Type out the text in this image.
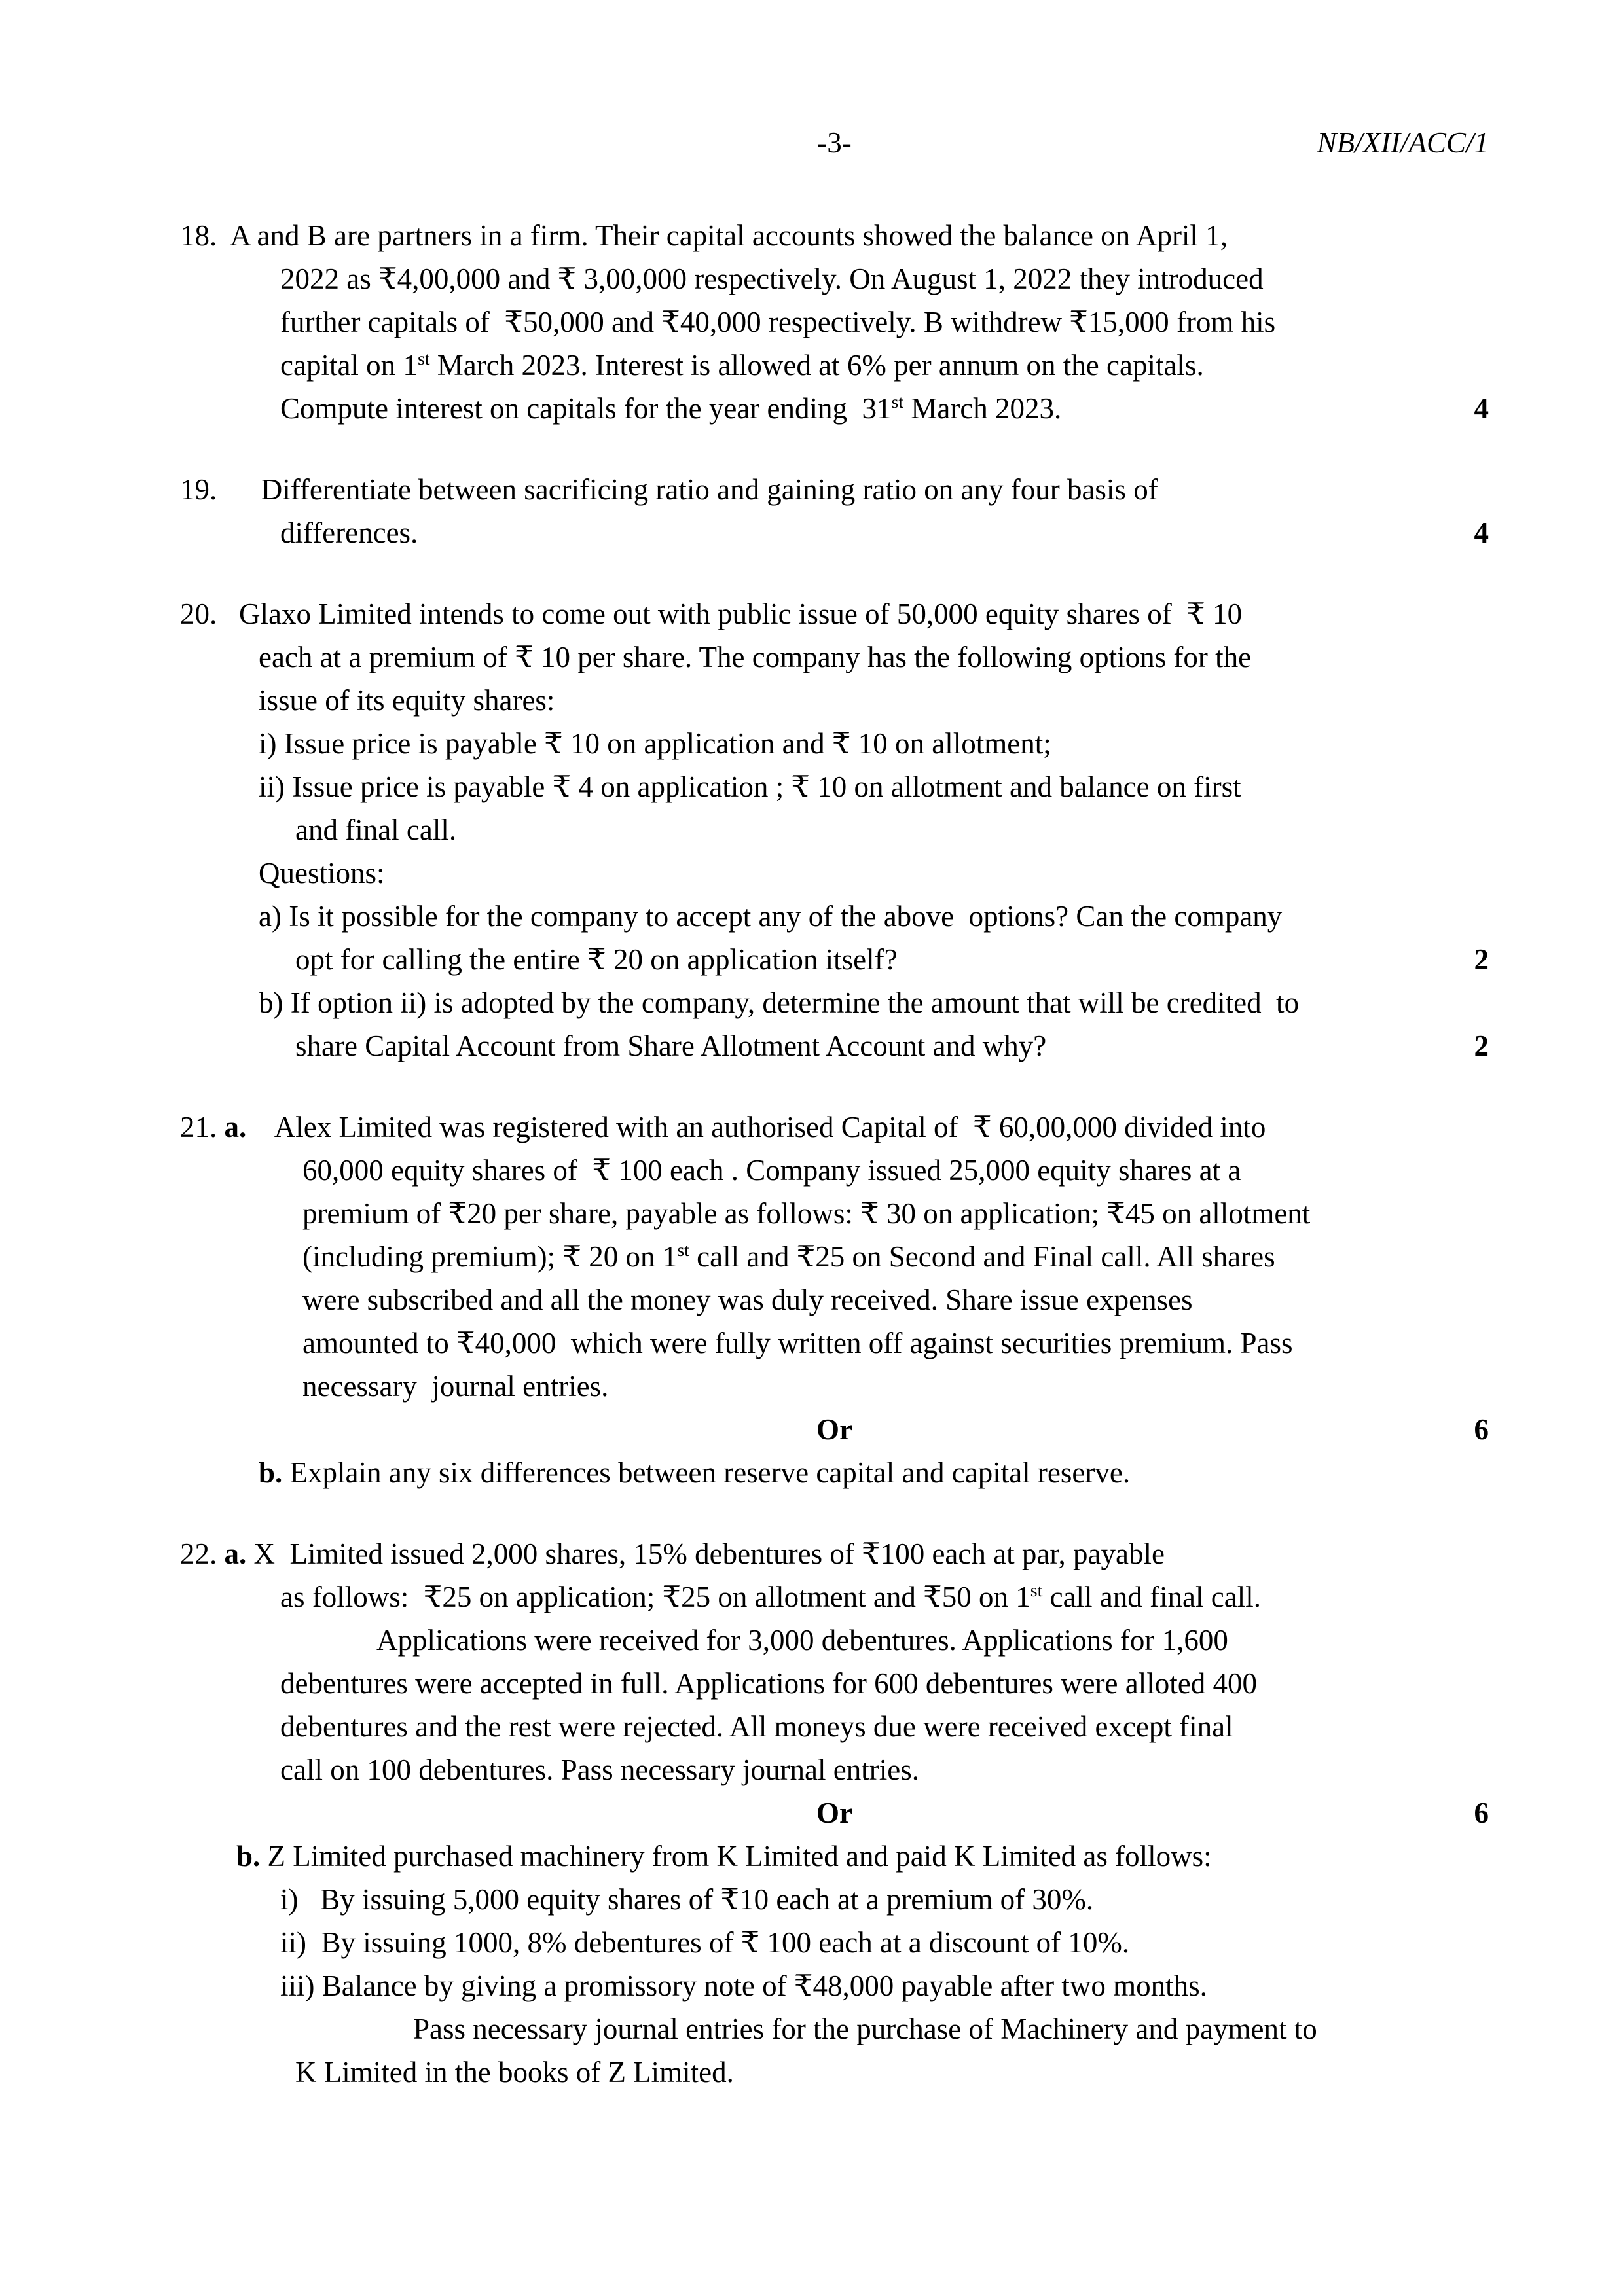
-3-	NB/XII/ACC/1
18.  A and B are partners in a firm. Their capital accounts showed the balance on April 1,
2022 as ₹4,00,000 and ₹ 3,00,000 respectively. On August 1, 2022 they introduced
further capitals of  ₹50,000 and ₹40,000 respectively. B withdrew ₹15,000 from his
capital on 1st March 2023. Interest is allowed at 6% per annum on the capitals.
Compute interest on capitals for the year ending  31st March 2023.	4
19.      Differentiate between sacrificing ratio and gaining ratio on any four basis of
differences.	4
20.   Glaxo Limited intends to come out with public issue of 50,000 equity shares of  ₹ 10
each at a premium of ₹ 10 per share. The company has the following options for the
issue of its equity shares:
i) Issue price is payable ₹ 10 on application and ₹ 10 on allotment;
ii) Issue price is payable ₹ 4 on application ; ₹ 10 on allotment and balance on first
and final call.
Questions:
a) Is it possible for the company to accept any of the above  options? Can the company
opt for calling the entire ₹ 20 on application itself?	2
b) If option ii) is adopted by the company, determine the amount that will be credited  to
share Capital Account from Share Allotment Account and why?	2
21. a.    Alex Limited was registered with an authorised Capital of  ₹ 60,00,000 divided into
60,000 equity shares of  ₹ 100 each . Company issued 25,000 equity shares at a
premium of ₹20 per share, payable as follows: ₹ 30 on application; ₹45 on allotment
(including premium); ₹ 20 on 1st call and ₹25 on Second and Final call. All shares
were subscribed and all the money was duly received. Share issue expenses
amounted to ₹40,000  which were fully written off against securities premium. Pass
necessary  journal entries.
Or	6
b. Explain any six differences between reserve capital and capital reserve.
22. a. X  Limited issued 2,000 shares, 15% debentures of ₹100 each at par, payable
as follows:  ₹25 on application; ₹25 on allotment and ₹50 on 1st call and final call.
Applications were received for 3,000 debentures. Applications for 1,600
debentures were accepted in full. Applications for 600 debentures were alloted 400
debentures and the rest were rejected. All moneys due were received except final
call on 100 debentures. Pass necessary journal entries.
Or	6
b. Z Limited purchased machinery from K Limited and paid K Limited as follows:
i)   By issuing 5,000 equity shares of ₹10 each at a premium of 30%.
ii)  By issuing 1000, 8% debentures of ₹ 100 each at a discount of 10%.
iii) Balance by giving a promissory note of ₹48,000 payable after two months.
Pass necessary journal entries for the purchase of Machinery and payment to
K Limited in the books of Z Limited.
